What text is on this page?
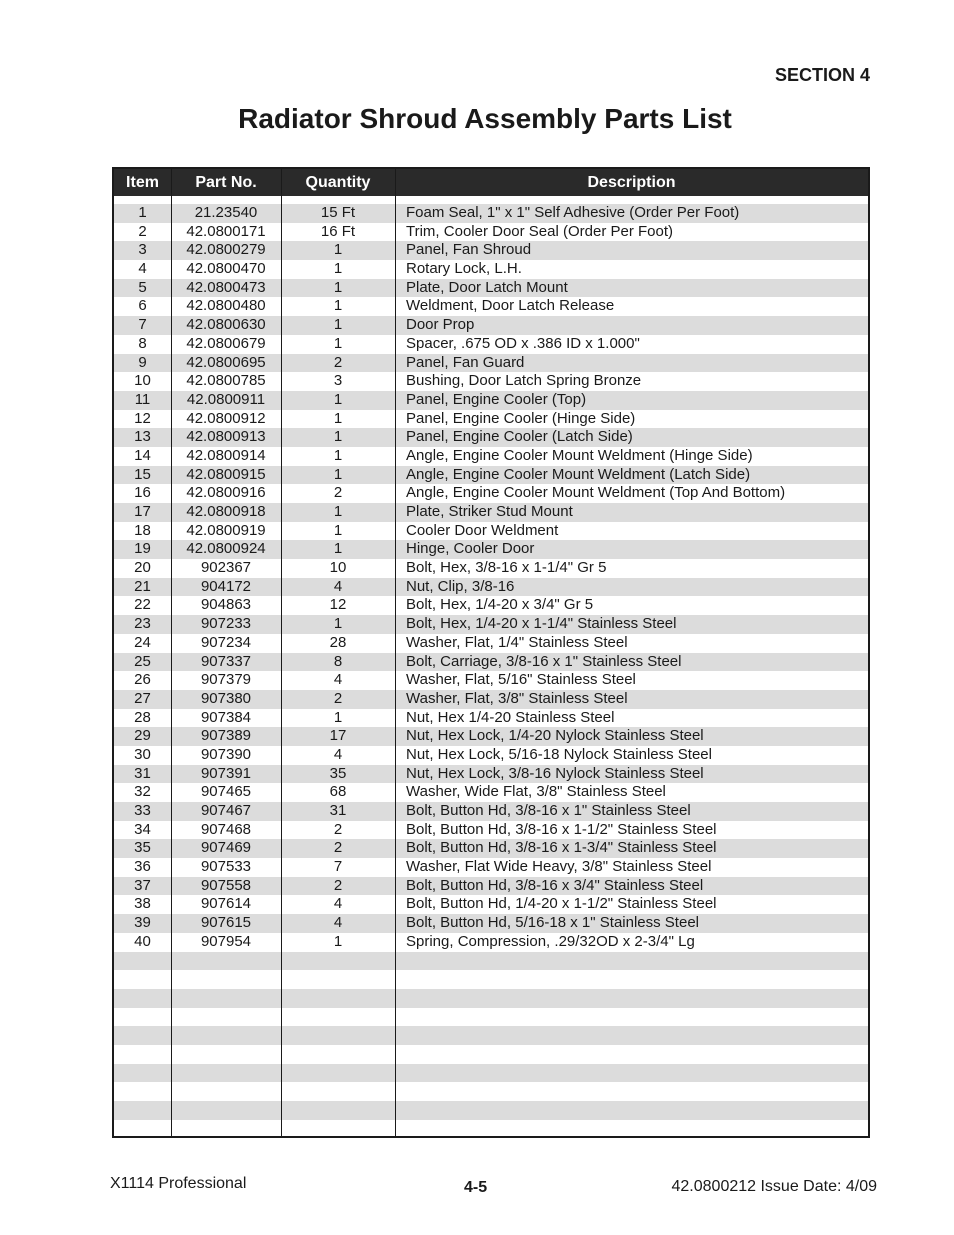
SECTION 4
Radiator Shroud Assembly Parts List
Item	Part No.	Quantity	Description
1	21.23540	15 Ft	Foam Seal, 1" x 1" Self Adhesive (Order Per Foot)
2	42.0800171	16 Ft	Trim, Cooler Door Seal (Order Per Foot)
3	42.0800279	1	Panel, Fan Shroud
4	42.0800470	1	Rotary Lock, L.H.
5	42.0800473	1	Plate, Door Latch Mount
6	42.0800480	1	Weldment, Door Latch Release
7	42.0800630	1	Door Prop
8	42.0800679	1	Spacer, .675 OD x .386 ID x 1.000"
9	42.0800695	2	Panel, Fan Guard
10	42.0800785	3	Bushing, Door Latch Spring Bronze
11	42.0800911	1	Panel, Engine Cooler (Top)
12	42.0800912	1	Panel, Engine Cooler (Hinge Side)
13	42.0800913	1	Panel, Engine Cooler (Latch Side)
14	42.0800914	1	Angle, Engine Cooler Mount Weldment (Hinge Side)
15	42.0800915	1	Angle, Engine Cooler Mount Weldment (Latch Side)
16	42.0800916	2	Angle, Engine Cooler Mount Weldment (Top And Bottom)
17	42.0800918	1	Plate, Striker Stud Mount
18	42.0800919	1	Cooler Door Weldment
19	42.0800924	1	Hinge, Cooler Door
20	902367	10	Bolt, Hex, 3/8-16 x 1-1/4" Gr 5
21	904172	4	Nut, Clip, 3/8-16
22	904863	12	Bolt, Hex, 1/4-20 x 3/4" Gr 5
23	907233	1	Bolt, Hex, 1/4-20 x 1-1/4" Stainless Steel
24	907234	28	Washer, Flat, 1/4" Stainless Steel
25	907337	8	Bolt, Carriage, 3/8-16 x 1" Stainless Steel
26	907379	4	Washer, Flat, 5/16" Stainless Steel
27	907380	2	Washer, Flat, 3/8" Stainless Steel
28	907384	1	Nut, Hex 1/4-20 Stainless Steel
29	907389	17	Nut, Hex Lock, 1/4-20 Nylock Stainless Steel
30	907390	4	Nut, Hex Lock, 5/16-18 Nylock Stainless Steel
31	907391	35	Nut, Hex Lock, 3/8-16 Nylock Stainless Steel
32	907465	68	Washer, Wide Flat, 3/8" Stainless Steel
33	907467	31	Bolt, Button Hd, 3/8-16 x 1" Stainless Steel
34	907468	2	Bolt, Button Hd, 3/8-16 x 1-1/2" Stainless Steel
35	907469	2	Bolt, Button Hd, 3/8-16 x 1-3/4" Stainless Steel
36	907533	7	Washer, Flat Wide Heavy, 3/8" Stainless Steel
37	907558	2	Bolt, Button Hd, 3/8-16 x 3/4" Stainless Steel
38	907614	4	Bolt, Button Hd, 1/4-20 x 1-1/2" Stainless Steel
39	907615	4	Bolt, Button Hd, 5/16-18 x 1" Stainless Steel
40	907954	1	Spring, Compression, .29/32OD x 2-3/4" Lg
X1114 Professional	4-5	42.0800212 Issue Date: 4/09
